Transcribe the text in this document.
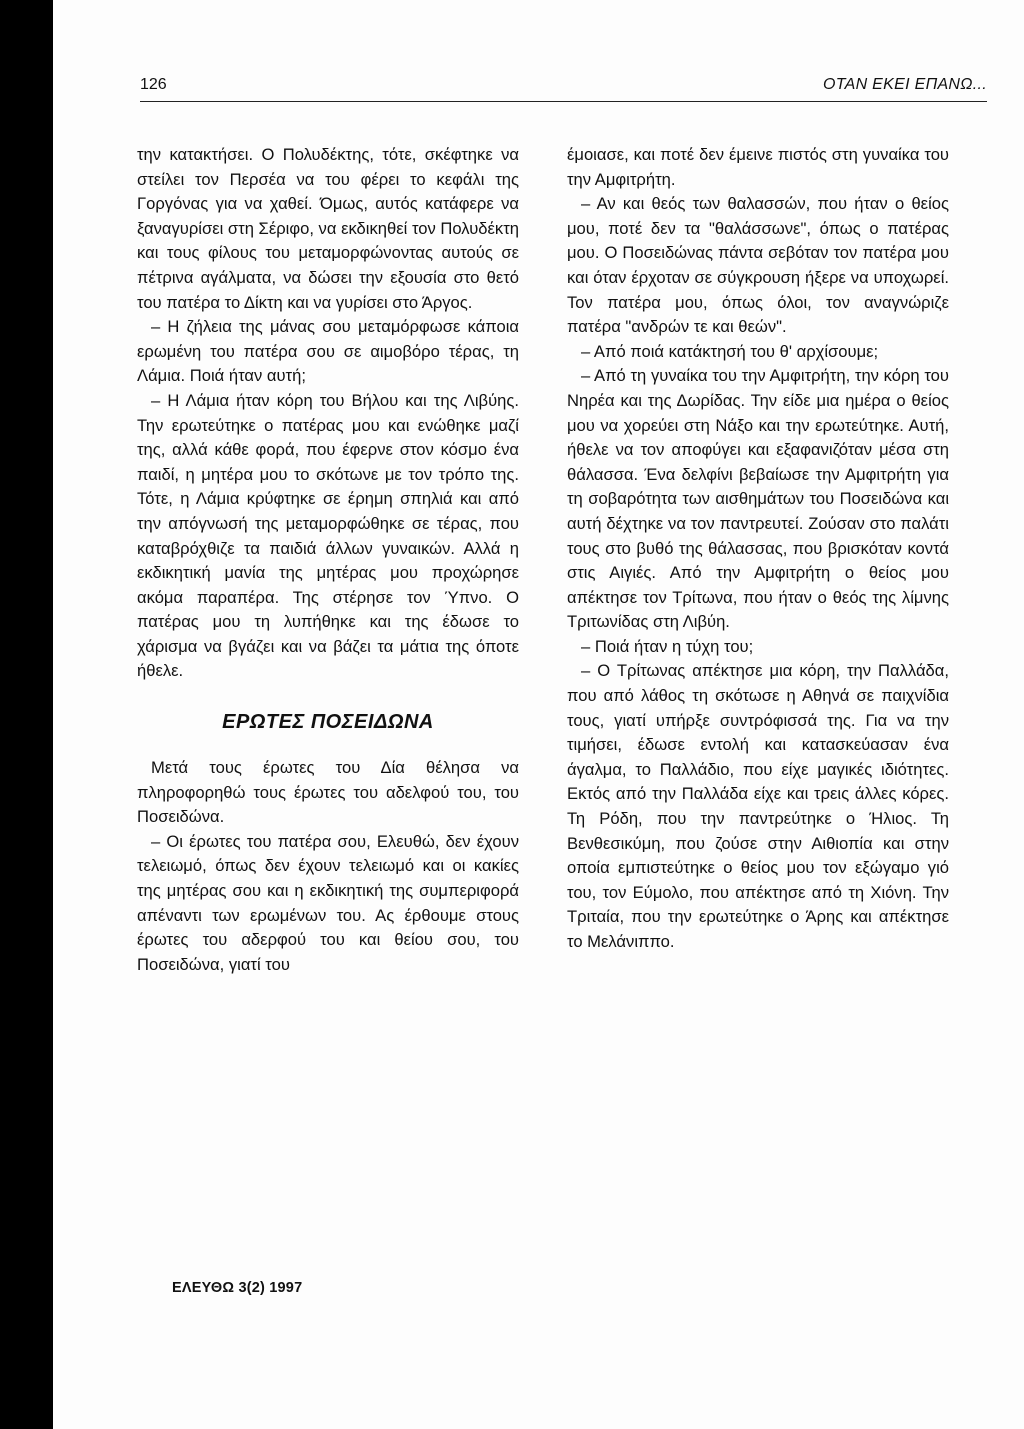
126	ΟΤΑΝ ΕΚΕΙ ΕΠΑΝΩ...

την κατακτήσει. Ο Πολυδέκτης, τότε, σκέφτηκε να στείλει τον Περσέα να του φέρει το κεφάλι της Γοργόνας για να χαθεί. Όμως, αυτός κατάφερε να ξαναγυρίσει στη Σέριφο, να εκδικηθεί τον Πολυδέκτη και τους φίλους του μεταμορφώνοντας αυτούς σε πέτρινα αγάλματα, να δώσει την εξουσία στο θετό του πατέρα το Δίκτη και να γυρίσει στο Άργος.

– Η ζήλεια της μάνας σου μεταμόρφωσε κάποια ερωμένη του πατέρα σου σε αιμοβόρο τέρας, τη Λάμια. Ποιά ήταν αυτή;

– Η Λάμια ήταν κόρη του Βήλου και της Λιβύης. Την ερωτεύτηκε ο πατέρας μου και ενώθηκε μαζί της, αλλά κάθε φορά, που έφερνε στον κόσμο ένα παιδί, η μητέρα μου το σκότωνε με τον τρόπο της. Τότε, η Λάμια κρύφτηκε σε έρημη σπηλιά και από την απόγνωσή της μεταμορφώθηκε σε τέρας, που καταβρόχθιζε τα παιδιά άλλων γυναικών. Αλλά η εκδικητική μανία της μητέρας μου προχώρησε ακόμα παραπέρα. Της στέρησε τον Ύπνο. Ο πατέρας μου τη λυπήθηκε και της έδωσε το χάρισμα να βγάζει και να βάζει τα μάτια της όποτε ήθελε.

ΕΡΩΤΕΣ ΠΟΣΕΙΔΩΝΑ

Μετά τους έρωτες του Δία θέλησα να πληροφορηθώ τους έρωτες του αδελφού του, του Ποσειδώνα.

– Οι έρωτες του πατέρα σου, Ελευθώ, δεν έχουν τελειωμό, όπως δεν έχουν τελειωμό και οι κακίες της μητέρας σου και η εκδικητική της συμπεριφορά απέναντι των ερωμένων του. Ας έρθουμε στους έρωτες του αδερφού του και θείου σου, του Ποσειδώνα, γιατί του

έμοιασε, και ποτέ δεν έμεινε πιστός στη γυναίκα του την Αμφιτρήτη.

– Αν και θεός των θαλασσών, που ήταν ο θείος μου, ποτέ δεν τα "θαλάσσωνε", όπως ο πατέρας μου. Ο Ποσειδώνας πάντα σεβόταν τον πατέρα μου και όταν έρχοταν σε σύγκρουση ήξερε να υποχωρεί. Τον πατέρα μου, όπως όλοι, τον αναγνώριζε πατέρα "ανδρών τε και θεών".

– Από ποιά κατάκτησή του θ' αρχίσουμε;

– Από τη γυναίκα του την Αμφιτρήτη, την κόρη του Νηρέα και της Δωρίδας. Την είδε μια ημέρα ο θείος μου να χορεύει στη Νάξο και την ερωτεύτηκε. Αυτή, ήθελε να τον αποφύγει και εξαφανιζόταν μέσα στη θάλασσα. Ένα δελφίνι βεβαίωσε την Αμφιτρήτη για τη σοβαρότητα των αισθημάτων του Ποσειδώνα και αυτή δέχτηκε να τον παντρευτεί. Ζούσαν στο παλάτι τους στο βυθό της θάλασσας, που βρισκόταν κοντά στις Αιγιές. Από την Αμφιτρήτη ο θείος μου απέκτησε τον Τρίτωνα, που ήταν ο θεός της λίμνης Τριτωνίδας στη Λιβύη.

– Ποιά ήταν η τύχη του;

– Ο Τρίτωνας απέκτησε μια κόρη, την Παλλάδα, που από λάθος τη σκότωσε η Αθηνά σε παιχνίδια τους, γιατί υπήρξε συντρόφισσά της. Για να την τιμήσει, έδωσε εντολή και κατασκεύασαν ένα άγαλμα, το Παλλάδιο, που είχε μαγικές ιδιότητες. Εκτός από την Παλλάδα είχε και τρεις άλλες κόρες. Τη Ρόδη, που την παντρεύτηκε ο Ήλιος. Τη Βενθεσικύμη, που ζούσε στην Αιθιοπία και στην οποία εμπιστεύτηκε ο θείος μου τον εξώγαμο γιό του, τον Εύμολο, που απέκτησε από τη Χιόνη. Την Τριταία, που την ερωτεύτηκε ο Άρης και απέκτησε το Μελάνιππο.

ΕΛΕΥΘΩ 3(2) 1997
